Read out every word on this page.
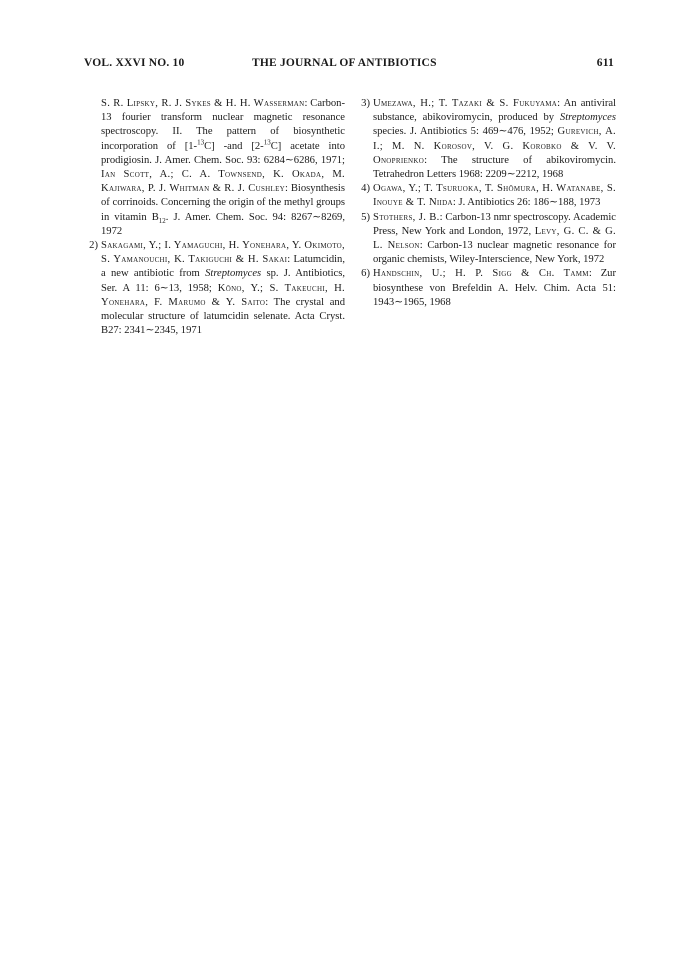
VOL. XXVI NO. 10	THE JOURNAL OF ANTIBIOTICS	611

S. R. Lipsky, R. J. Sykes & H. H. Wasserman: Carbon-13 fourier transform nuclear magnetic resonance spectroscopy. II. The pattern of biosynthetic incorporation of [1-$^{13}$C] -and [2-$^{13}$C] acetate into prodigiosin. J. Amer. Chem. Soc. 93: 6284∼6286, 1971; Ian Scott, A.; C. A. Townsend, K. Okada, M. Kajiwara, P. J. Whitman & R. J. Cushley: Biosynthesis of corrinoids. Concerning the origin of the methyl groups in vitamin $B_{12}$. J. Amer. Chem. Soc. 94: 8267∼8269, 1972

2) Sakagami, Y.; I. Yamaguchi, H. Yonehara, Y. Okimoto, S. Yamanouchi, K. Takiguchi & H. Sakai: Latumcidin, a new antibiotic from Streptomyces sp. J. Antibiotics, Ser. A 11: 6∼13, 1958; Kōno, Y.; S. Takeuchi, H. Yonehara, F. Marumo & Y. Saito: The crystal and molecular structure of latumcidin selenate. Acta Cryst. B27: 2341∼2345, 1971

3) Umezawa, H.; T. Tazaki & S. Fukuyama: An antiviral substance, abikoviromycin, produced by Streptomyces species. J. Antibiotics 5: 469∼476, 1952; Gurevich, A. I.; M. N. Korosov, V. G. Korobko & V. V. Onoprienko: The structure of abikoviromycin. Tetrahedron Letters 1968: 2209∼2212, 1968

4) Ogawa, Y.; T. Tsuruoka, T. Shōmura, H. Watanabe, S. Inouye & T. Niida: J. Antibiotics 26: 186∼188, 1973

5) Stothers, J. B.: Carbon-13 nmr spectroscopy. Academic Press, New York and London, 1972, Levy, G. C. & G. L. Nelson: Carbon-13 nuclear magnetic resonance for organic chemists, Wiley-Interscience, New York, 1972

6) Handschin, U.; H. P. Sigg & Ch. Tamm: Zur biosynthese von Brefeldin A. Helv. Chim. Acta 51: 1943∼1965, 1968
